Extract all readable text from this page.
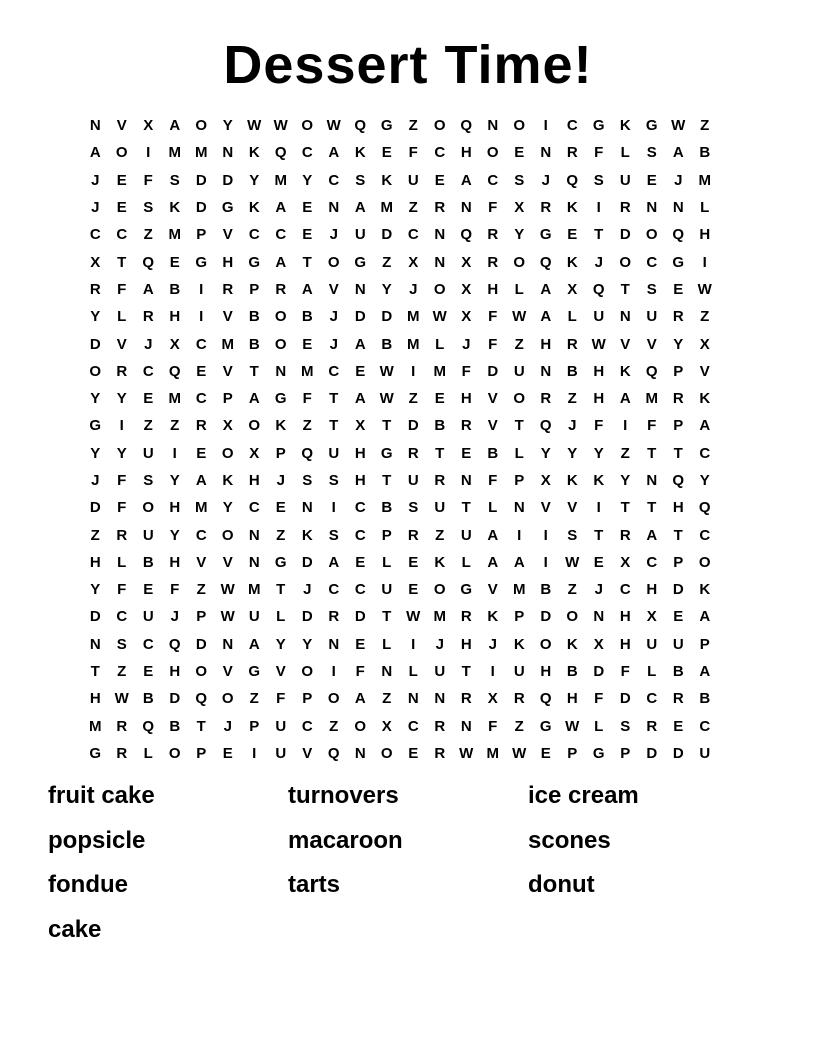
Dessert Time!
N	V	X	A	O	Y W W O W Q G	Z	O Q	N	O	I	C	G	K	G W Z
A	O	I	M M N	K	Q	C	A	K	E	F	C	H	O	E	N	R	F	L	S	A	B
J	E	F	S	D	D	Y	M	Y	C	S	K	U	E	A	C	S	J	Q	S	U	E	J	M
J	E	S	K	D	G	K	A	E	N	A M	Z	R	N	F	X	R	K	I	R	N	N	L
C	C	Z	M	P	V	C	C	E	J	U	D	C	N	Q	R	Y	G	E	T	D	O Q	H
X	T	Q	E	G	H	G	A	T	O G	Z	X	N	X	R	O Q	K	J	O	C	G	I
R	F	A	B	I	R	P	R	A	V	N	Y	J	O	X	H	L	A	X	Q	T	S	E W
Y	L	R	H	I	V	B	O	B	J	D	D M W X	F W A	L	U	N	U	R	Z
D	V	J	X	C M B	O	E	J	A	B M	L	J	F	Z	H	R W V	V	Y	X
O	R	C	Q	E	V	T	N M C	E W	I	M	F	D	U	N	B	H	K	Q	P	V
Y	Y	E	M C	P	A	G	F	T	A W Z	E	H	V	O	R	Z	H	A M R	K
G	I	Z	Z	R	X	O	K	Z	T	X	T	D	B	R	V	T	Q	J	F	I	F	P	A
Y	Y	U	I	E	O	X	P	Q	U	H	G	R	T	E	B	L	Y	Y	Y	Z	T	T	C
J	F	S	Y	A	K	H	J	S	S	H	T	U	R	N	F	P	X	K	K	Y	N	Q	Y
D	F	O	H M	Y	C	E	N	I	C	B	S	U	T	L	N	V	V	I	T	T	H	Q
Z	R	U	Y	C	O	N	Z	K	S	C	P	R	Z	U	A	I	I	S	T	R	A	T	C
H	L	B	H	V	V	N	G	D	A	E	L	E	K	L	A	A	I	W E	X	C	P	O
Y	F	E	F	Z W M	T	J	C	C	U	E	O G	V	M B	Z	J	C	H	D	K
D	C	U	J	P W U	L	D	R	D	T W M R	K	P	D	O	N	H	X	E	A
N	S	C	Q	D	N	A	Y	Y	N	E	L	I	J	H	J	K	O	K	X	H	U	U	P
T	Z	E	H	O	V	G	V	O	I	F	N	L	U	T	I	U	H	B	D	F	L	B	A
H W B	D	Q O	Z	F	P	O	A	Z	N	N	R	X	R	Q	H	F	D	C	R	B
M R	Q	B	T	J	P	U	C	Z	O	X	C	R	N	F	Z	G W L	S	R	E	C
G	R	L	O	P	E	I	U	V	Q	N	O	E	R W M W E	P	G	P	D	D	U
fruit cake	turnovers	ice cream
popsicle	macaroon	scones
fondue	tarts	donut
cake
